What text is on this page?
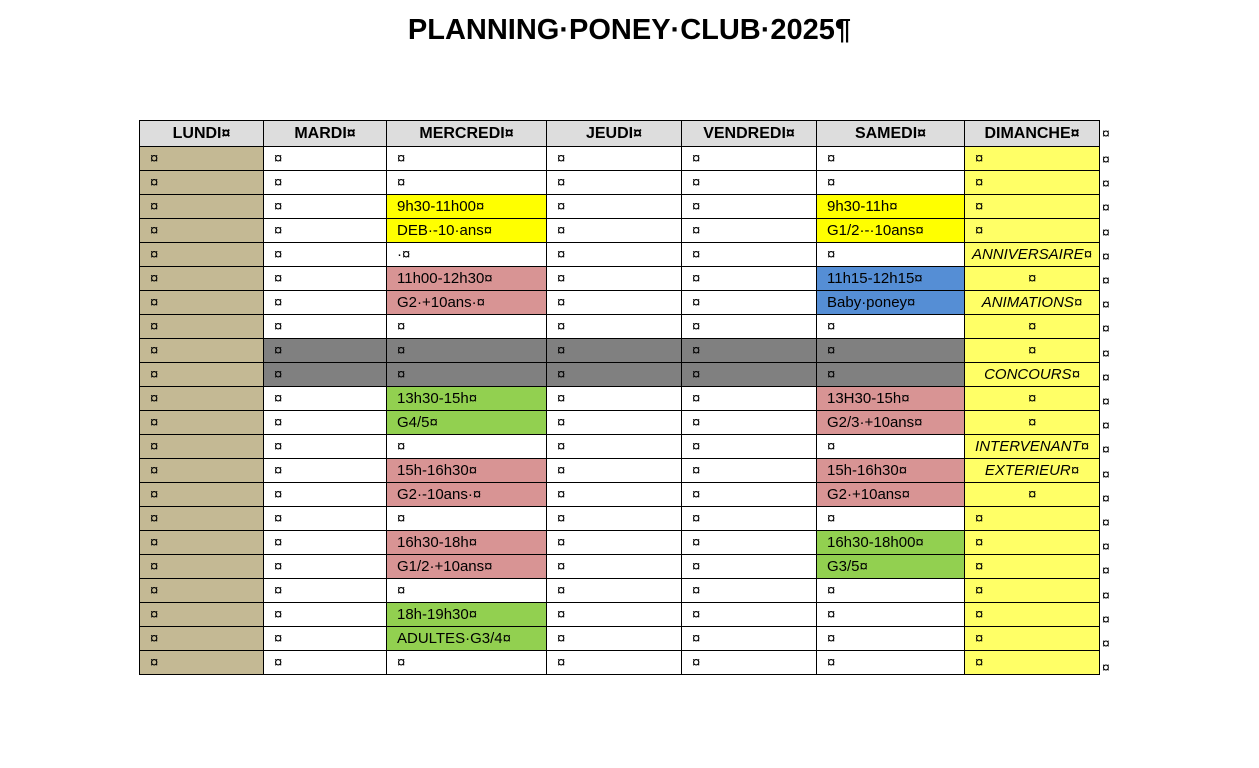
PLANNING·PONEY·CLUB·2025¶
LUNDI¤	MARDI¤	MERCREDI¤	JEUDI¤	VENDREDI¤	SAMEDI¤	DIMANCHE¤
¤	¤	¤	¤	¤	¤	¤
¤	¤	¤	¤	¤	¤	¤
¤	¤	9h30-11h00¤	¤	¤	9h30-11h¤	¤
¤	¤	DEB·-10·ans¤	¤	¤	G1/2·-·10ans¤	¤
¤	¤	·¤	¤	¤	¤	ANNIVERSAIRE¤
¤	¤	11h00-12h30¤	¤	¤	11h15-12h15¤	¤
¤	¤	G2·+10ans·¤	¤	¤	Baby·poney¤	ANIMATIONS¤
¤	¤	¤	¤	¤	¤	¤
¤	¤	¤	¤	¤	¤	¤
¤	¤	¤	¤	¤	¤	CONCOURS¤
¤	¤	13h30-15h¤	¤	¤	13H30-15h¤	¤
¤	¤	G4/5¤	¤	¤	G2/3·+10ans¤	¤
¤	¤	¤	¤	¤	¤	INTERVENANT¤
¤	¤	15h-16h30¤	¤	¤	15h-16h30¤	EXTERIEUR¤
¤	¤	G2·-10ans·¤	¤	¤	G2·+10ans¤	¤
¤	¤	¤	¤	¤	¤	¤
¤	¤	16h30-18h¤	¤	¤	16h30-18h00¤	¤
¤	¤	G1/2·+10ans¤	¤	¤	G3/5¤	¤
¤	¤	¤	¤	¤	¤	¤
¤	¤	18h-19h30¤	¤	¤	¤	¤
¤	¤	ADULTES·G3/4¤	¤	¤	¤	¤
¤	¤	¤	¤	¤	¤	¤
¤
¤
¤
¤
¤
¤
¤
¤
¤
¤
¤
¤
¤
¤
¤
¤
¤
¤
¤
¤
¤
¤
¤
